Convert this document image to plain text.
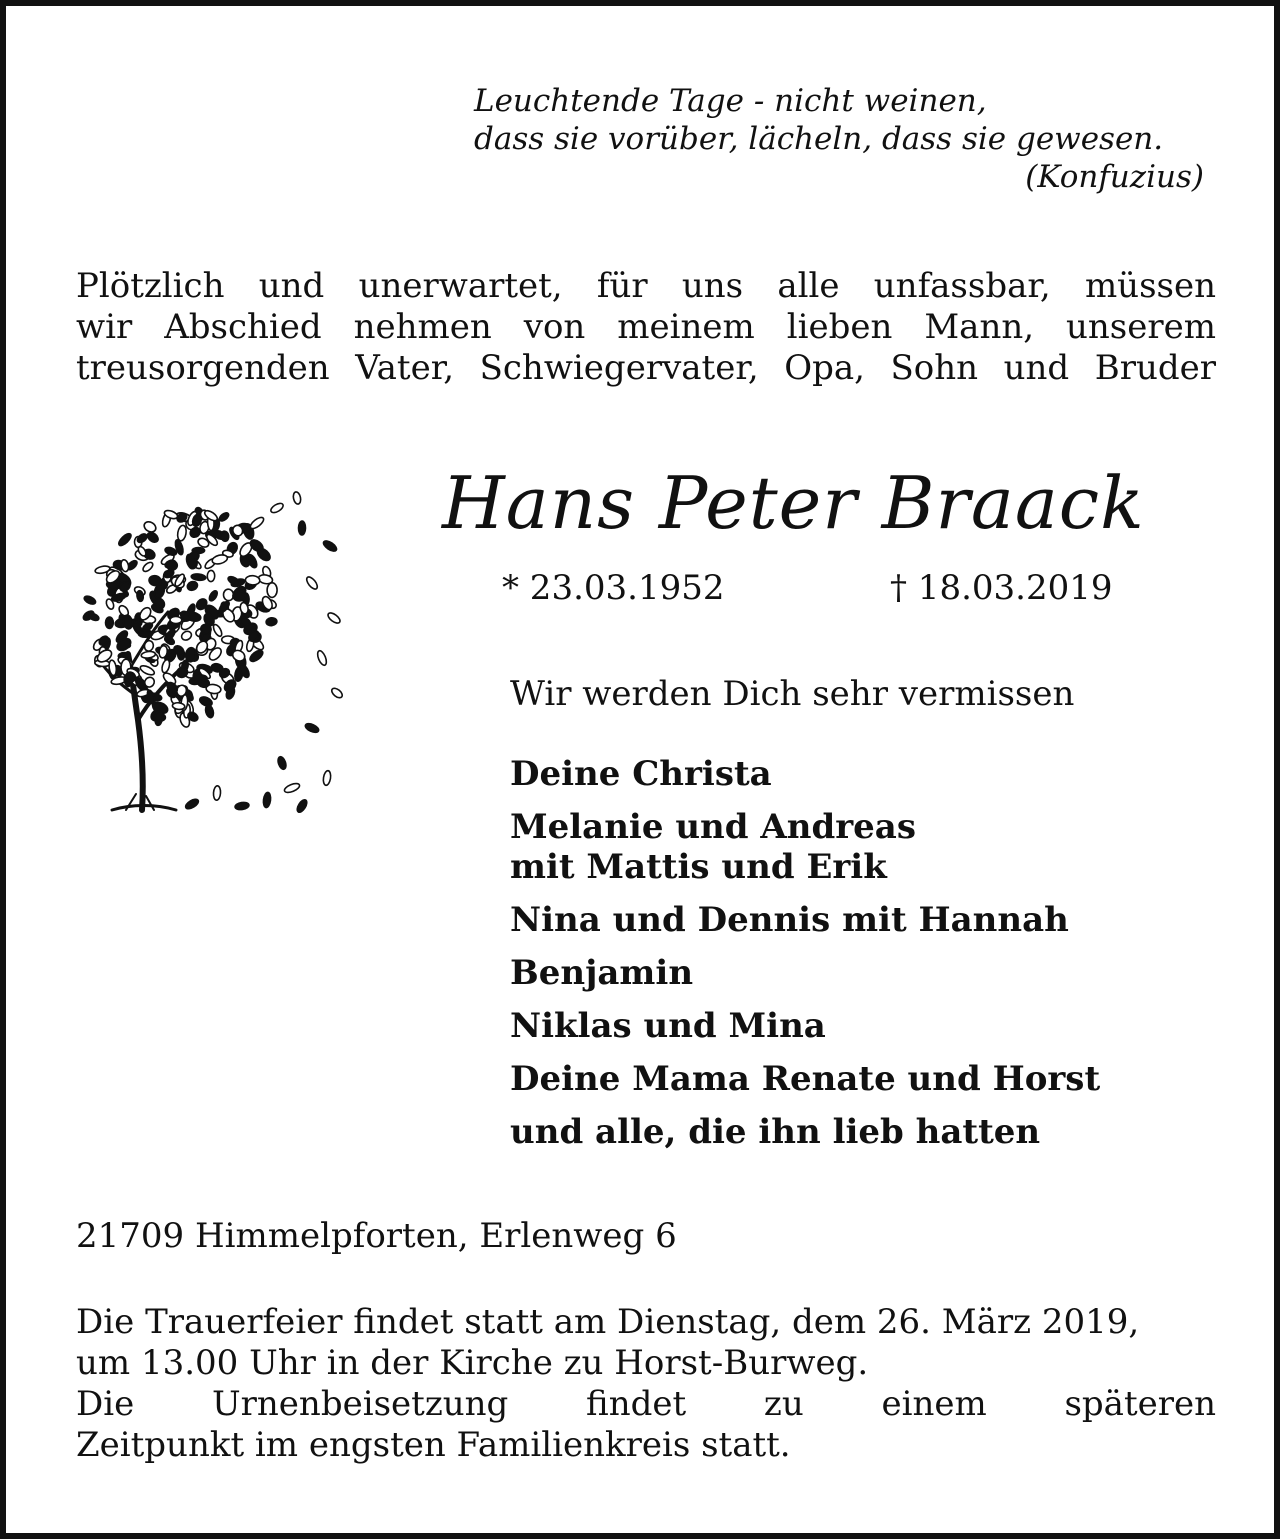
Leuchtende Tage - nicht weinen,
dass sie vorüber, lächeln, dass sie gewesen.
(Konfuzius)
Plötzlich und unerwartet, für uns alle unfassbar, müssen
wir Abschied nehmen von meinem lieben Mann, unserem
treusorgenden Vater, Schwiegervater, Opa, Sohn und Bruder
Hans Peter Braack
* 23.03.1952	† 18.03.2019
Wir werden Dich sehr vermissen
Deine Christa
Melanie und Andreas
mit Mattis und Erik
Nina und Dennis mit Hannah
Benjamin
Niklas und Mina
Deine Mama Renate und Horst
und alle, die ihn lieb hatten
21709 Himmelpforten, Erlenweg 6
Die Trauerfeier findet statt am Dienstag, dem 26. März 2019,
um 13.00 Uhr in der Kirche zu Horst-Burweg.
Die Urnenbeisetzung findet zu einem späteren
Zeitpunkt im engsten Familienkreis statt.
